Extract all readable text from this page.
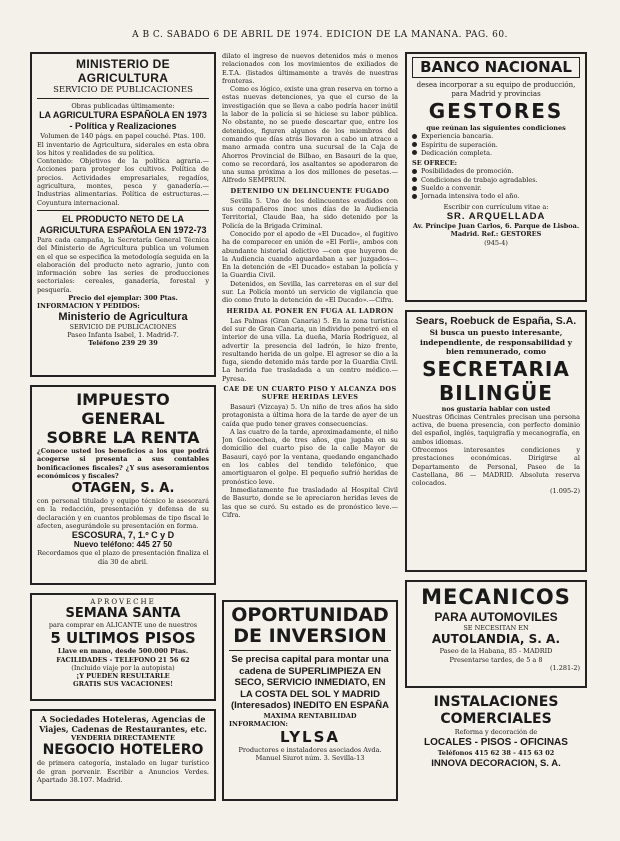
A B C. SABADO 6 DE ABRIL DE 1974. EDICION DE LA MAÑANA. PAG. 60.

MINISTERIO DE AGRICULTURA

SERVICIO DE PUBLICACIONES

Obras publicadas últimamente:

LA AGRICULTURA ESPAÑOLA EN 1973 - Política y Realizaciones

Volumen de 140 págs. en papel couché. Ptas. 100.

El inventario de Agricultura, siderales en esta obra los hitos y realidades de su política.

Contenido: Objetivos de la política agraria.— Acciones para proteger los cultivos. Política de precios. Actividades empresariales, regadíos, agricultura, montes, pesca y ganadería.— Industrias alimentarias. Política de estructuras.— Coyuntura internacional.

EL PRODUCTO NETO DE LA AGRICULTURA ESPAÑOLA EN 1972-73

Para cada campaña, la Secretaría General Técnica del Ministerio de Agricultura publica un volumen en el que se especifica la metodología seguida en la elaboración del producto neto agrario, junto con información sobre las series de producciones sectoriales: cereales, ganadería, forestal y pesquería.

Precio del ejemplar: 300 Ptas.

INFORMACION Y PEDIDOS:

Ministerio de Agricultura

SERVICIO DE PUBLICACIONES

Paseo Infanta Isabel, 1. Madrid-7.

Teléfono 239 29 39

IMPUESTO GENERAL

SOBRE LA RENTA

¿Conoce usted los beneficios a los que podrá acogerse si presenta a sus contables bonificaciones fiscales? ¿Y sus asesoramientos económicos y fiscales?

OTAGEN, S. A.

con personal titulado y equipo técnico le asesorará en la redacción, presentación y defensa de su declaración y en cuantos problemas de tipo fiscal le afecten, asegurándole su presentación en forma.

ESCOSURA, 7, 1.º C y D

Nuevo teléfono: 445 27 50

Recordamos que el plazo de presentación finaliza el día 30 de abril.

APROVECHE

SEMANA SANTA

para comprar en ALICANTE uno de nuestros

5 ULTIMOS PISOS

Llave en mano, desde 500.000 Ptas.

FACILIDADES - TELEFONO 21 56 62

(Incluido viaje por la autopista)

¡Y PUEDEN RESULTARLE

GRATIS SUS VACACIONES!

A Sociedades Hoteleras, Agencias de Viajes, Cadenas de Restaurantes, etc.

VENDERIA DIRECTAMENTE

NEGOCIO HOTELERO

de primera categoría, instalado en lugar turístico de gran porvenir. Escribir a Anuncios Verdes. Apartado 38.107. Madrid.

dilato el ingreso de nuevos detenidos más o menos relacionados con los movimientos de exiliados de E.T.A. (listados últimamente a través de nuestras fronteras.

Como es lógico, existe una gran reserva en torno a estas nuevas detenciones, ya que el curso de la investigación que se lleva a cabo podría hacer inútil la labor de la policía si se hiciese su labor pública. No obstante, no se puede descartar que, entre los detenidos, figuren algunos de los miembros del comando que días atrás llevaron a cabo un atraco a mano armada contra una sucursal de la Caja de Ahorros Provincial de Bilbao, en Basauri de la que, como se recordará, los asaltantes se apoderaron de una suma próxima a los dos millones de pesetas.— Alfredo SEMPRUN.

DETENIDO UN DELINCUENTE FUGADO

Sevilla 5. Uno de los delincuentes evadidos con sus compañeros inoc unos días de la Audiencia Territorial, Claude Baa, ha sido detenido por la Policía de la Brigada Criminal.

Conocido por el apodo de «El Ducado», el fugitivo ha de comparecer en unión de «El Ferli», ambos con abundante historial delictivo —con que huyeron de la Audiencia cuando aguardaban a ser juzgados—. En la detención de «El Ducado» estaban la policía y la Guardia Civil.

Detenidos, en Sevilla, las carreteras en el sur del sur. La Policía montó un servicio de vigilancia que dio como fruto la detención de «El Ducado».—Cifra.

HERIDA AL PONER EN FUGA AL LADRON

Las Palmas (Gran Canaria) 5. En la zona turística del sur de Gran Canaria, un individuo penetró en el interior de una villa. La dueña, María Rodríguez, al advertir la presencia del ladrón, le hizo frente, resultando herida de un golpe. El agresor se dio a la fuga, siendo detenido más tarde por la Guardia Civil. La herida fue trasladada a un centro médico.— Pyresa.

CAE DE UN CUARTO PISO Y ALCANZA DOS SUFRE HERIDAS LEVES

Basauri (Vizcaya) 5. Un niño de tres años ha sido protagonista a última hora de la tarde de ayer de un caída que pudo tener graves consecuencias.

A las cuatro de la tarde, aproximadamente, el niño Jon Goicoechea, de tres años, que jugaba en su domicilio del cuarto piso de la calle Mayor de Basauri, cayó por la ventana, quedando enganchado en los cables del tendido telefónico, que amortiguaron el golpe. El pequeño sufrió heridas de pronóstico leve.

Inmediatamente fue trasladado al Hospital Civil de Basurto, donde se le apreciaron heridas leves de las que se curó. Su estado es de pronóstico leve.— Cifra.

OPORTUNIDAD

DE INVERSION

Se precisa capital para montar una cadena de SUPERLIMPIEZA EN SECO, SERVICIO INMEDIATO, EN LA COSTA DEL SOL Y MADRID (Interesados) INEDITO EN ESPAÑA

MAXIMA RENTABILIDAD

INFORMACION:

LYLSA

Productores e instaladores asociados Avda. Manuel Siurot núm. 3. Sevilla-13

BANCO NACIONAL

desea incorporar a su equipo de producción, para Madrid y provincias

GESTORES

que reúnan las siguientes condiciones

Experiencia bancaria.
Espíritu de superación.
Dedicación completa.

SE OFRECE:

Posibilidades de promoción.
Condiciones de trabajo agradables.
Sueldo a convenir.
Jornada intensiva todo el año.

Escribir con currículum vitae a:

SR. ARQUELLADA

Av. Príncipe Juan Carlos, 6. Parque de Lisboa. Madrid. Ref.: GESTORES

(945-4)

Sears, Roebuck de España, S.A.

Si busca un puesto interesante, independiente, de responsabilidad y bien remunerado, como

SECRETARIA

BILINGÜE

nos gustaría hablar con usted

Nuestras Oficinas Centrales precisan una persona activa, de buena presencia, con perfecto dominio del español, inglés, taquigrafía y mecanografía, en ambos idiomas.

Ofrecemos interesantes condiciones y prestaciones económicas. Dirigirse al Departamento de Personal, Paseo de la Castellana, 86 — MADRID. Absoluta reserva colocados.

(1.095-2)

MECANICOS

PARA AUTOMOVILES

SE NECESITAN EN

AUTOLANDIA, S. A.

Paseo de la Habana, 85 - MADRID

Presentarse tardes, de 5 a 8

(1.281-2)

INSTALACIONES

COMERCIALES

Reforma y decoración de

LOCALES - PISOS - OFICINAS

Teléfonos 415 62 38 - 415 63 02

INNOVA DECORACION, S. A.
